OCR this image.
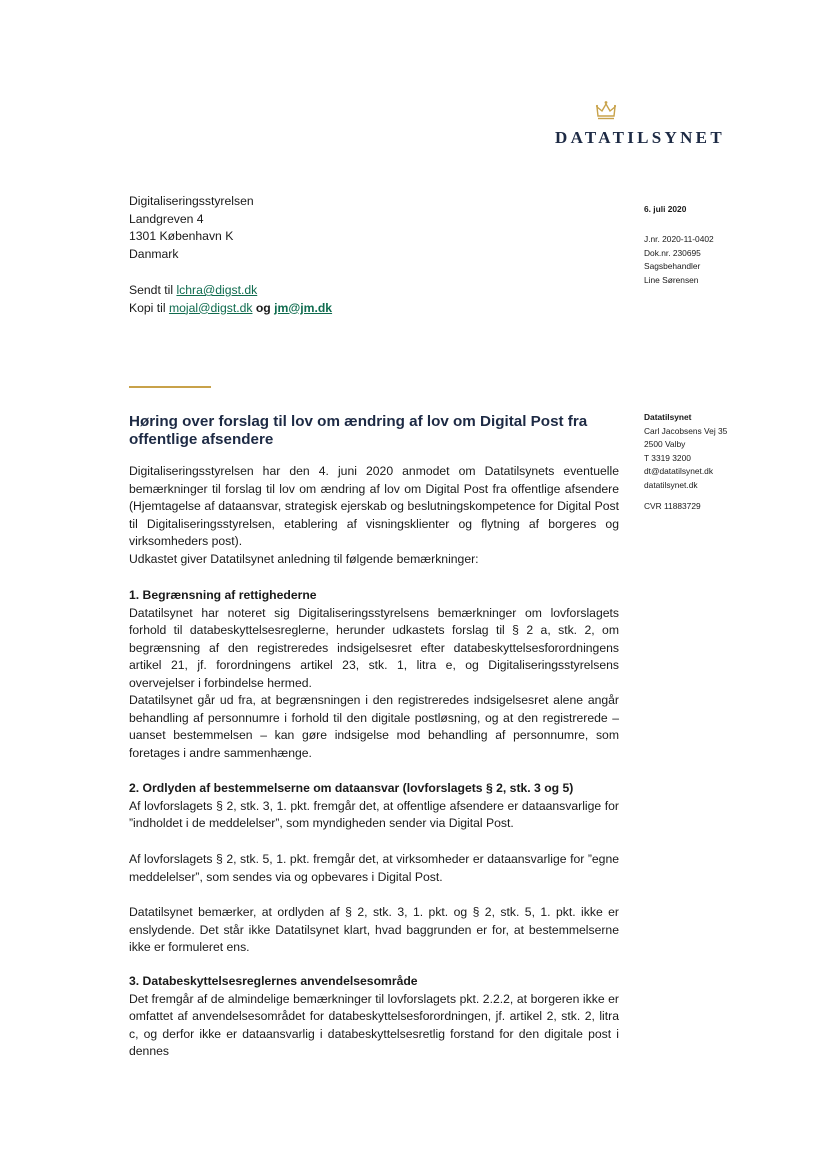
DATATILSYNET
Digitaliseringsstyrelsen
Landgreven 4
1301 København K
Danmark
Sendt til lchra@digst.dk
Kopi til mojal@digst.dk og jm@jm.dk
6. juli 2020
J.nr. 2020-11-0402
Dok.nr. 230695
Sagsbehandler
Line Sørensen
Datatilsynet
Carl Jacobsens Vej 35
2500 Valby
T 3319 3200
dt@datatilsynet.dk
datatilsynet.dk
CVR 11883729
Høring over forslag til lov om ændring af lov om Digital Post fra offentlige afsendere

Digitaliseringsstyrelsen har den 4. juni 2020 anmodet om Datatilsynets eventuelle bemærkninger til forslag til lov om ændring af lov om Digital Post fra offentlige afsendere (Hjemtagelse af dataansvar, strategisk ejerskab og beslutningskompetence for Digital Post til Digitaliseringsstyrelsen, etablering af visningsklienter og flytning af borgeres og virksomheders post).

Udkastet giver Datatilsynet anledning til følgende bemærkninger:

1. Begrænsning af rettighederne

Datatilsynet har noteret sig Digitaliseringsstyrelsens bemærkninger om lovforslagets forhold til databeskyttelsesreglerne, herunder udkastets forslag til § 2 a, stk. 2, om begrænsning af den registreredes indsigelsesret efter databeskyttelsesforordningens artikel 21, jf. forordningens artikel 23, stk. 1, litra e, og Digitaliseringsstyrelsens overvejelser i forbindelse hermed.

Datatilsynet går ud fra, at begrænsningen i den registreredes indsigelsesret alene angår behandling af personnumre i forhold til den digitale postløsning, og at den registrerede – uanset bestemmelsen – kan gøre indsigelse mod behandling af personnumre, som foretages i andre sammenhænge.

2. Ordlyden af bestemmelserne om dataansvar (lovforslagets § 2, stk. 3 og 5)

Af lovforslagets § 2, stk. 3, 1. pkt. fremgår det, at offentlige afsendere er dataansvarlige for ”indholdet i de meddelelser”, som myndigheden sender via Digital Post.

Af lovforslagets § 2, stk. 5, 1. pkt. fremgår det, at virksomheder er dataansvarlige for ”egne meddelelser”, som sendes via og opbevares i Digital Post.

Datatilsynet bemærker, at ordlyden af § 2, stk. 3, 1. pkt. og § 2, stk. 5, 1. pkt. ikke er enslydende. Det står ikke Datatilsynet klart, hvad baggrunden er for, at bestemmelserne ikke er formuleret ens.

3. Databeskyttelsesreglernes anvendelsesområde

Det fremgår af de almindelige bemærkninger til lovforslagets pkt. 2.2.2, at borgeren ikke er omfattet af anvendelsesområdet for databeskyttelsesforordningen, jf. artikel 2, stk. 2, litra c, og derfor ikke er dataansvarlig i databeskyttelsesretlig forstand for den digitale post i dennes
